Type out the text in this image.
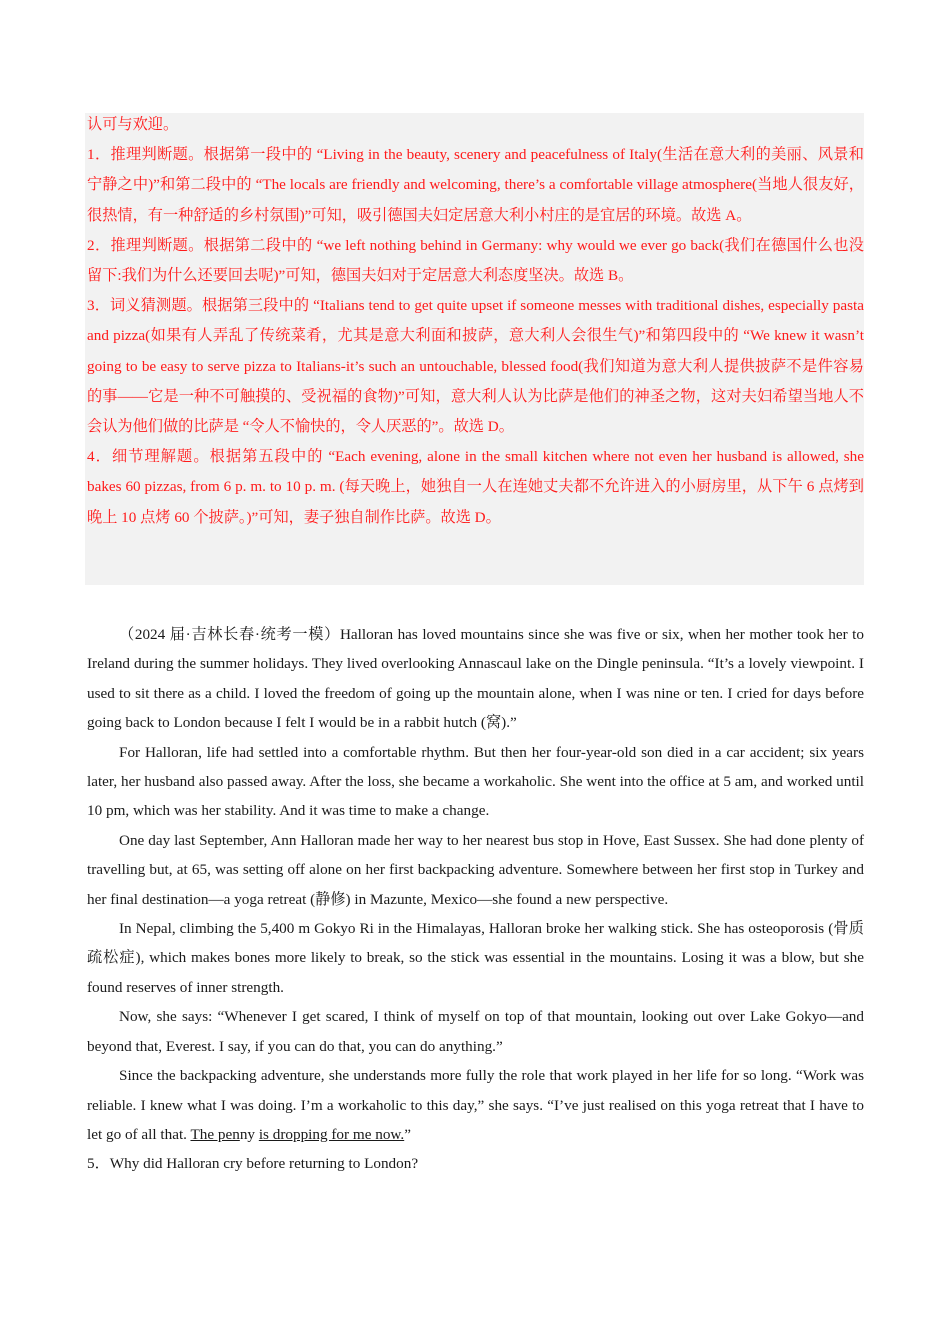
认可与欢迎。

1．推理判断题。根据第一段中的 “Living in the beauty, scenery and peacefulness of Italy(生活在意大利的美丽、风景和宁静之中)”和第二段中的 “The locals are friendly and welcoming, there’s a comfortable village atmosphere(当地人很友好，很热情，有一种舒适的乡村氛围)”可知，吸引德国夫妇定居意大利小村庄的是宜居的环境。故选 A。

2．推理判断题。根据第二段中的 “we left nothing behind in Germany: why would we ever go back(我们在德国什么也没留下:我们为什么还要回去呢)”可知，德国夫妇对于定居意大利态度坚决。故选 B。

3．词义猜测题。根据第三段中的 “Italians tend to get quite upset if someone messes with traditional dishes, especially pasta and pizza(如果有人弄乱了传统菜肴，尤其是意大利面和披萨，意大利人会很生气)”和第四段中的 “We knew it wasn’t going to be easy to serve pizza to Italians-it’s such an untouchable, blessed food(我们知道为意大利人提供披萨不是件容易的事——它是一种不可触摸的、受祝福的食物)”可知，意大利人认为比萨是他们的神圣之物，这对夫妇希望当地人不会认为他们做的比萨是 “令人不愉快的，令人厌恶的”。故选 D。

4．细节理解题。根据第五段中的 “Each evening, alone in the small kitchen where not even her husband is allowed, she bakes 60 pizzas, from 6 p. m. to 10 p. m. (每天晚上，她独自一人在连她丈夫都不允许进入的小厨房里，从下午 6 点烤到晚上 10 点烤 60 个披萨。)”可知，妻子独自制作比萨。故选 D。

（2024 届·吉林长春·统考一模）Halloran has loved mountains since she was five or six, when her mother took her to Ireland during the summer holidays. They lived overlooking Annascaul lake on the Dingle peninsula. “It’s a lovely viewpoint. I used to sit there as a child. I loved the freedom of going up the mountain alone, when I was nine or ten. I cried for days before going back to London because I felt I would be in a rabbit hutch (窝).”

For Halloran, life had settled into a comfortable rhythm. But then her four-year-old son died in a car accident; six years later, her husband also passed away. After the loss, she became a workaholic. She went into the office at 5 am, and worked until 10 pm, which was her stability. And it was time to make a change.

One day last September, Ann Halloran made her way to her nearest bus stop in Hove, East Sussex. She had done plenty of travelling but, at 65, was setting off alone on her first backpacking adventure. Somewhere between her first stop in Turkey and her final destination—a yoga retreat (静修) in Mazunte, Mexico—she found a new perspective.

In Nepal, climbing the 5,400 m Gokyo Ri in the Himalayas, Halloran broke her walking stick. She has osteoporosis (骨质疏松症), which makes bones more likely to break, so the stick was essential in the mountains. Losing it was a blow, but she found reserves of inner strength.

Now, she says: “Whenever I get scared, I think of myself on top of that mountain, looking out over Lake Gokyo—and beyond that, Everest. I say, if you can do that, you can do anything.”

Since the backpacking adventure, she understands more fully the role that work played in her life for so long. “Work was reliable. I knew what I was doing. I’m a workaholic to this day,” she says. “I’ve just realised on this yoga retreat that I have to let go of all that. The penny is dropping for me now.”

5．Why did Halloran cry before returning to London?
